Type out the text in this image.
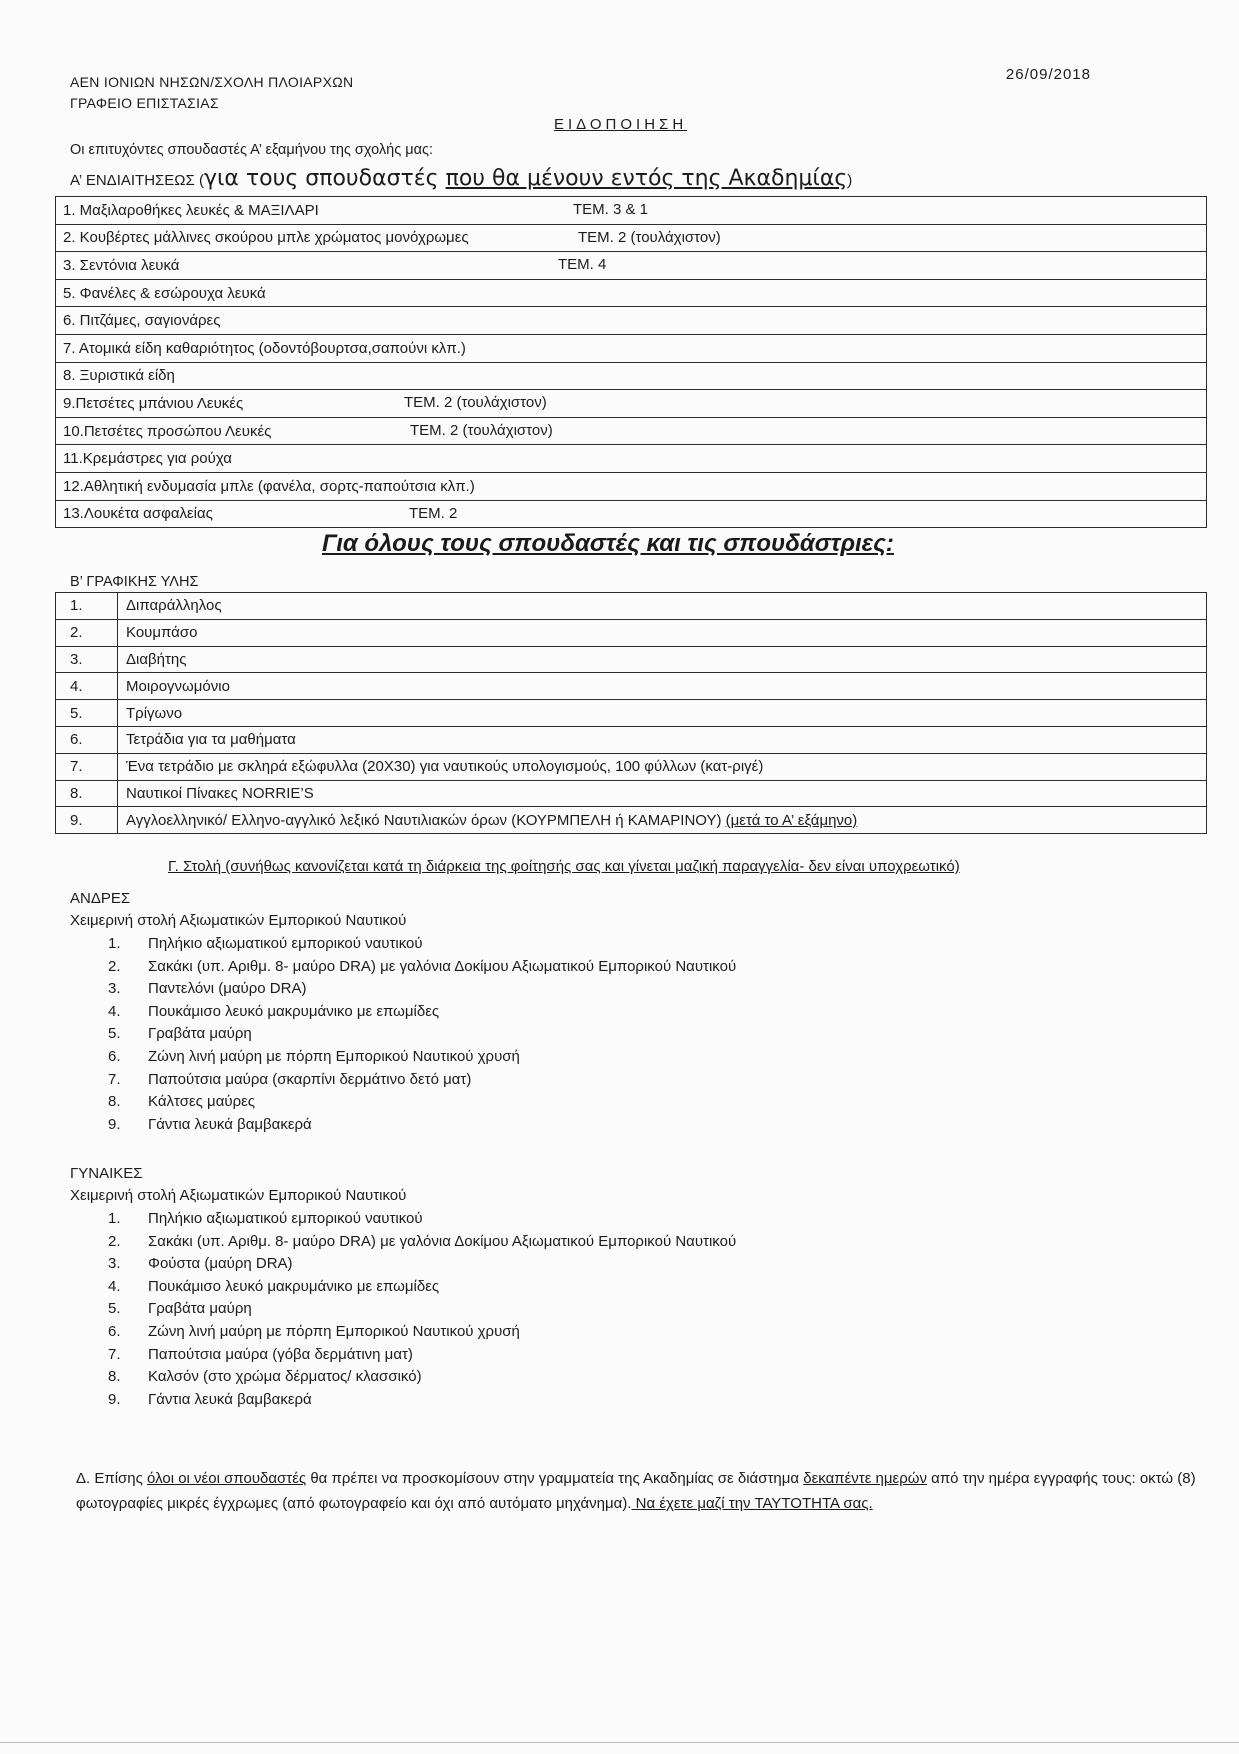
ΑΕΝ ΙΟΝΙΩΝ ΝΗΣΩΝ/ΣΧΟΛΗ ΠΛΟΙΑΡΧΩΝ
ΓΡΑΦΕΙΟ ΕΠΙΣΤΑΣΙΑΣ
26/09/2018
ΕΙΔΟΠΟΙΗΣΗ
Οι επιτυχόντες σπουδαστές Α’ εξαμήνου της σχολής μας:
Α’ ΕΝΔΙΑΙΤΗΣΕΩΣ (για τους σπουδαστές που θα μένουν εντός της Ακαδημίας)
1. Μαξιλαροθήκες λευκές & ΜΑΞΙΛΑΡΙ	ΤΕΜ. 3 & 1

2. Κουβέρτες μάλλινες σκούρου μπλε χρώματος μονόχρωμες	ΤΕΜ. 2 (τουλάχιστον)

3. Σεντόνια λευκά	ΤΕΜ. 4

5. Φανέλες & εσώρουχα λευκά
6. Πιτζάμες, σαγιονάρες
7. Ατομικά είδη καθαριότητος (οδοντόβουρτσα,σαπούνι κλπ.)
8. Ξυριστικά είδη
9.Πετσέτες μπάνιου Λευκές	ΤΕΜ. 2 (τουλάχιστον)

10.Πετσέτες προσώπου Λευκές	ΤΕΜ. 2 (τουλάχιστον)

11.Κρεμάστρες για ρούχα
12.Αθλητική ενδυμασία μπλε (φανέλα, σορτς-παπούτσια κλπ.)
13.Λουκέτα ασφαλείας	ΤΕΜ. 2
Για όλους τους σπουδαστές και τις σπουδάστριες:
Β’ ΓΡΑΦΙΚΗΣ ΥΛΗΣ
1.	Διπαράλληλος
2.	Κουμπάσο
3.	Διαβήτης
4.	Μοιρογνωμόνιο
5.	Τρίγωνο
6.	Τετράδια για τα μαθήματα
7.	Ένα τετράδιο με σκληρά εξώφυλλα (20Χ30) για ναυτικούς υπολογισμούς, 100 φύλλων (κατ-ριγέ)
8.	Ναυτικοί Πίνακες NORRIE’S
9.	Αγγλοελληνικό/ Ελληνο-αγγλικό λεξικό Ναυτιλιακών όρων (ΚΟΥΡΜΠΕΛΗ ή ΚΑΜΑΡΙΝΟΥ) (μετά το Α’ εξάμηνο)
Γ. Στολή (συνήθως κανονίζεται κατά τη διάρκεια της φοίτησής σας και γίνεται μαζική παραγγελία- δεν είναι υποχρεωτικό)
ΑΝΔΡΕΣ
Χειμερινή στολή Αξιωματικών Εμπορικού Ναυτικού
1.	Πηλήκιο αξιωματικού εμπορικού ναυτικού
2.	Σακάκι (υπ. Αριθμ. 8- μαύρο DRA) με γαλόνια Δοκίμου Αξιωματικού Εμπορικού Ναυτικού
3.	Παντελόνι (μαύρο DRA)
4.	Πουκάμισο λευκό μακρυμάνικο με επωμίδες
5.	Γραβάτα μαύρη
6.	Ζώνη λινή μαύρη με πόρπη Εμπορικού Ναυτικού χρυσή
7.	Παπούτσια μαύρα (σκαρπίνι δερμάτινο δετό ματ)
8.	Κάλτσες μαύρες
9.	Γάντια λευκά βαμβακερά
ΓΥΝΑΙΚΕΣ
Χειμερινή στολή Αξιωματικών Εμπορικού Ναυτικού
1.	Πηλήκιο αξιωματικού εμπορικού ναυτικού
2.	Σακάκι (υπ. Αριθμ. 8- μαύρο DRA) με γαλόνια Δοκίμου Αξιωματικού Εμπορικού Ναυτικού
3.	Φούστα (μαύρη DRA)
4.	Πουκάμισο λευκό μακρυμάνικο με επωμίδες
5.	Γραβάτα μαύρη
6.	Ζώνη λινή μαύρη με πόρπη Εμπορικού Ναυτικού χρυσή
7.	Παπούτσια μαύρα (γόβα δερμάτινη ματ)
8.	Καλσόν (στο χρώμα δέρματος/ κλασσικό)
9.	Γάντια λευκά βαμβακερά
Δ. Επίσης όλοι οι νέοι σπουδαστές θα πρέπει να προσκομίσουν στην γραμματεία της Ακαδημίας σε διάστημα δεκαπέντε ημερών από την ημέρα εγγραφής τους: οκτώ (8) φωτογραφίες μικρές έγχρωμες (από φωτογραφείο και όχι από αυτόματο μηχάνημα). Να έχετε μαζί την ΤΑΥΤΟΤΗΤΑ σας.
